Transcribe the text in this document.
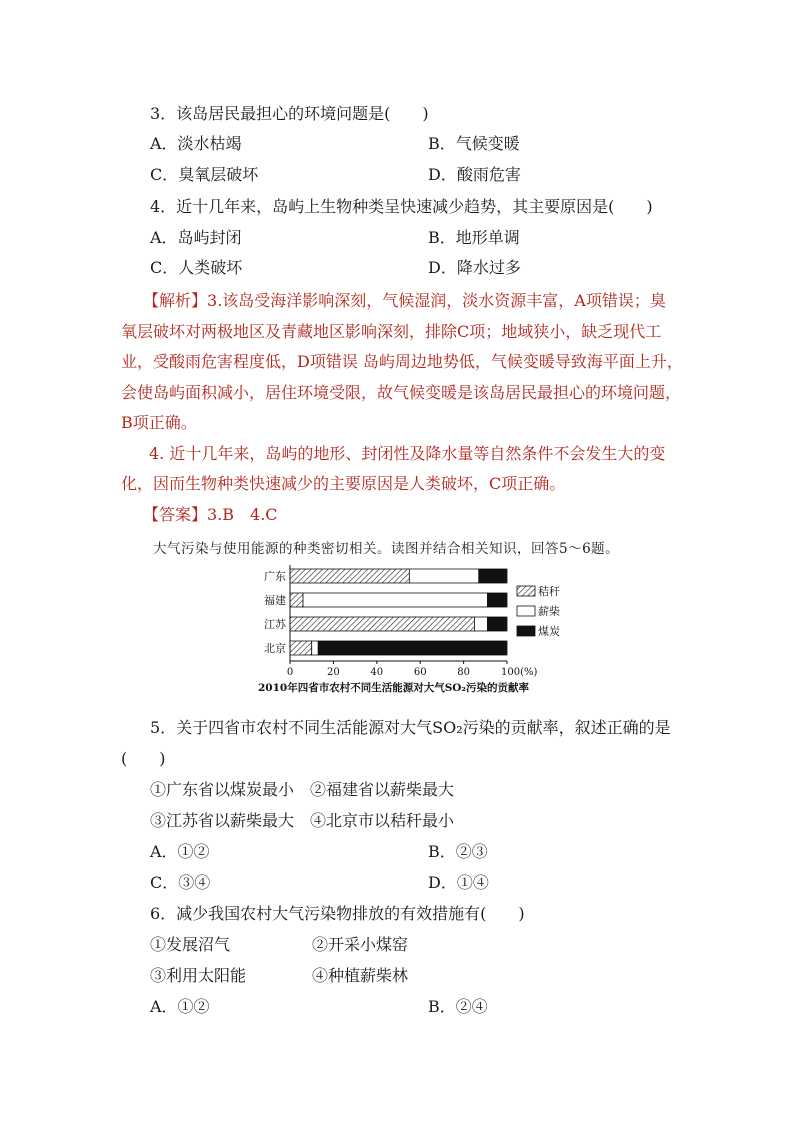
3．该岛居民最担心的环境问题是(　　)
A．淡水枯竭	B．气候变暖
C．臭氧层破坏	D．酸雨危害
4．近十几年来，岛屿上生物种类呈快速减少趋势，其主要原因是(　　)
A．岛屿封闭	B．地形单调
C．人类破坏	D．降水过多
【解析】3.该岛受海洋影响深刻，气候湿润，淡水资源丰富，A项错误；臭
氧层破坏对两极地区及青藏地区影响深刻，排除C项；地域狭小，缺乏现代工
业，受酸雨危害程度低，D项错误 岛屿周边地势低，气候变暖导致海平面上升，
会使岛屿面积减小，居住环境受限，故气候变暖是该岛居民最担心的环境问题，
B项正确。
4. 近十几年来，岛屿的地形、封闭性及降水量等自然条件不会发生大的变
化，因而生物种类快速减少的主要原因是人类破坏，C项正确。
【答案】3.B　4.C
大气污染与使用能源的种类密切相关。读图并结合相关知识，回答5～6题。
广东
福建
江苏
北京
0	20	40	60	80	100(%)
2010年四省市农村不同生活能源对大气SO₂污染的贡献率
秸秆
薪柴
煤炭
5．关于四省市农村不同生活能源对大气SO₂污染的贡献率，叙述正确的是
(　　)
①广东省以煤炭最小　②福建省以薪柴最大
③江苏省以薪柴最大　④北京市以秸秆最小
A．①②	B．②③
C．③④	D．①④
6．减少我国农村大气污染物排放的有效措施有(　　)
①发展沼气	②开采小煤窑
③利用太阳能	④种植薪柴林
A．①②	B．②④
